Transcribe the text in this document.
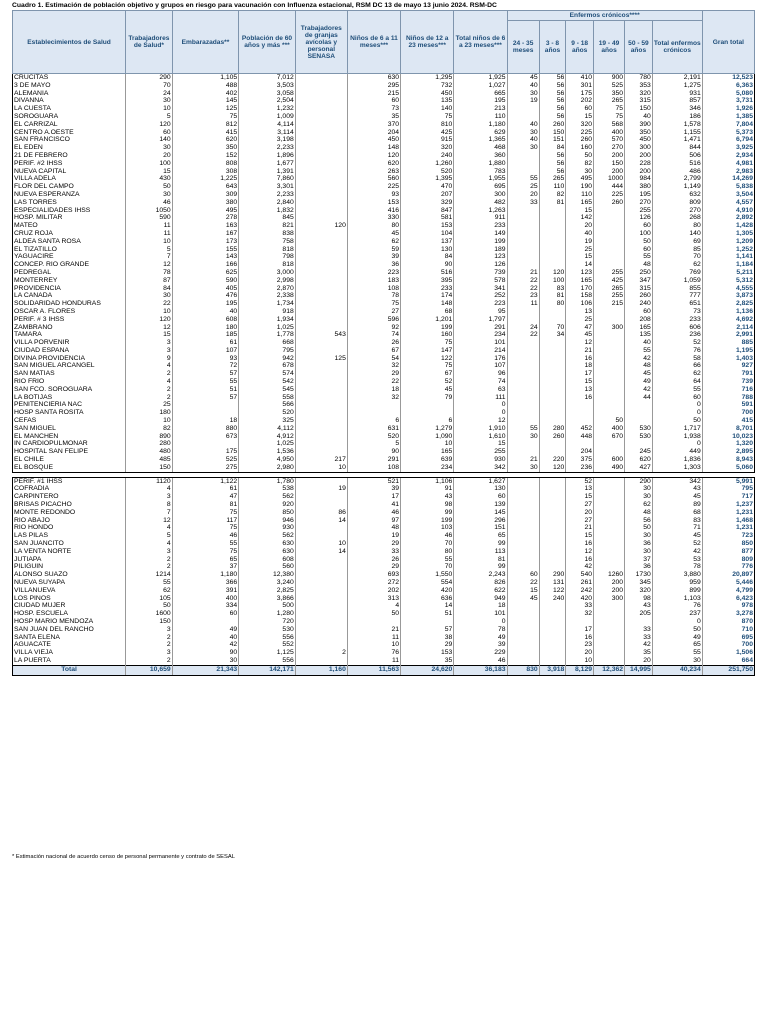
Cuadro 1. Estimación de población objetivo y grupos en riesgo para vacunación con Influenza estacional, RSM DC 13 de mayo 13 junio 2024. RSM-DC
Establecimientos de Salud	Trabajadores de Salud*	Embarazadas**	Población de 60 años y más ***	Trabajadores de granjas avícolas y personal SENASA	Niños de 6 a 11 meses***	Niños de 12 a 23 meses***	Total niños de 6 a 23 meses***	Enfermos crónicos****						Gran total
								24 - 35 meses	3 - 8 años	9 - 18 años	19 - 49 años	50 - 59 años	Total enfermos crónicos	
CRUCITAS	290	1,105	7,012		630	1,295	1,925	45	56	410	900	780	2,191	12,523
3 DE MAYO	70	488	3,503		295	732	1,027	40	56	301	525	353	1,275	6,363
ALEMANIA	24	402	3,058		215	450	665	30	56	175	350	320	931	5,080
DIVANNA	30	145	2,504		60	135	195	19	56	202	265	315	857	3,731
LA CUESTA	10	125	1,232		73	140	213		56	60	75	150	346	1,926
SOROGUARA	5	75	1,009		35	75	110		56	15	75	40	186	1,385
EL CARRIZAL	120	812	4,114		370	810	1,180	40	260	320	568	390	1,578	7,804
CENTRO A.OESTE	60	415	3,114		204	425	629	30	150	225	400	350	1,155	5,373
SAN FRANCISCO	140	620	3,198		450	915	1,365	40	151	260	570	450	1,471	6,794
EL EDEN	30	350	2,233		148	320	468	30	84	160	270	300	844	3,925
21 DE FEBRERO	20	152	1,896		120	240	360		56	50	200	200	506	2,934
PERIF. #2 IHSS	100	808	1,677		620	1,260	1,880		56	82	150	228	516	4,981
NUEVA CAPITAL	15	308	1,391		263	520	783		56	30	200	200	486	2,983
VILLA ADELA	430	1,225	7,860		560	1,395	1,955	55	265	495	1000	984	2,799	14,269
FLOR DEL CAMPO	50	643	3,301		225	470	695	25	110	190	444	380	1,149	5,838
NUEVA ESPERANZA	30	309	2,233		93	207	300	20	82	110	225	195	632	3,504
LAS TORRES	46	380	2,840		153	329	482	33	81	165	260	270	809	4,557
ESPECIALIDADES IHSS	1050	495	1,832		416	847	1,263			15		255	270	4,910
HOSP. MILITAR	590	278	845		330	581	911			142		126	268	2,892
MATEO	11	163	821	120	80	153	233			20		60	80	1,428
CRUZ ROJA	11	167	838		45	104	149			40		100	140	1,305
ALDEA SANTA ROSA	10	173	758		62	137	199			19		50	69	1,209
EL TIZATILLO	5	155	818		59	130	189			25		60	85	1,252
YAGUACIRE	7	143	798		39	84	123			15		55	70	1,141
CONCEP. RIO GRANDE	12	166	818		36	90	126			14		48	62	1,184
PEDREGAL	78	625	3,000		223	516	739	21	120	123	255	250	769	5,211
MONTERREY	87	590	2,998		183	395	578	22	100	165	425	347	1,059	5,312
PROVIDENCIA	84	405	2,870		108	233	341	22	83	170	265	315	855	4,555
LA CAÑADA	30	476	2,338		78	174	252	23	81	158	255	260	777	3,873
SOLIDARIDAD HONDURAS	22	195	1,734		75	148	223	11	80	106	215	240	651	2,825
OSCAR A. FLORES	10	40	918		27	68	95			13		60	73	1,136
PERIF. # 3 IHSS	120	608	1,934		596	1,201	1,797			25		208	233	4,692
ZAMBRANO	12	180	1,025		92	199	291	24	70	47	300	165	606	2,114
TAMARA	15	185	1,778	543	74	160	234	22	34	45		135	236	2,991
VILLA PORVENIR	3	61	668		26	75	101			12		40	52	885
CIUDAD ESPANA	3	107	795		67	147	214			21		55	76	1,195
DIVINA PROVIDENCIA	9	93	942	125	54	122	176			16		42	58	1,403
SAN MIGUEL ARCANGEL	4	72	678		32	75	107			18		48	66	927
SAN MATIAS	2	57	574		29	67	96			17		45	62	791
RIO FRIO	4	55	542		22	52	74			15		49	64	739
SAN FCO. SOROGUARA	2	51	545		18	45	63			13		42	55	716
LA BOTIJAS	2	57	558		32	79	111			16		44	60	788
PENITENCIERIA NAC	25		566				0						0	591
HOSP SANTA ROSITA	180		520				0						0	700
CEFAS	10	18	325		6	6	12				50		50	415
SAN MIGUEL	82	880	4,112		631	1,279	1,910	55	280	452	400	530	1,717	8,701
EL MANCHEN	890	673	4,912		520	1,090	1,610	30	260	448	670	530	1,938	10,023
IN CARDIOPULMONAR	280		1,025		5	10	15						0	1,320
HOSPITAL SAN FELIPE	480	175	1,536		90	165	255			204		245	449	2,895
EL CHILE	485	525	4,950	217	291	639	930	21	220	375	600	620	1,836	8,943
EL BOSQUE	150	275	2,980	10	108	234	342	30	120	236	490	427	1,303	5,060

PERIF. #1 IHSS	1120	1,122	1,780		521	1,106	1,627			52		290	342	5,991
COFRADIA	4	61	538	19	39	91	130			13		30	43	795
CARPINTERO	3	47	562		17	43	60			15		30	45	717
BRISAS PICACHO	8	81	920		41	98	139			27		62	89	1,237
MONTE REDONDO	7	75	850	86	46	99	145			20		48	68	1,231
RIO ABAJO	12	117	946	14	97	199	296			27		56	83	1,468
RIO HONDO	4	75	930		48	103	151			21		50	71	1,231
LAS PILAS	5	46	562		19	46	65			15		30	45	723
SAN JUANCITO	4	55	630	10	29	70	99			16		36	52	850
LA VENTA NORTE	3	75	630	14	33	80	113			12		30	42	877
JUTIAPA	2	65	608		26	55	81			16		37	53	809
PILIGUIN	2	37	560		29	70	99			42		36	78	776
ALONSO SUAZO	1214	1,180	12,380		693	1,550	2,243	60	290	540	1260	1730	3,880	20,897
NUEVA SUYAPA	55	366	3,240		272	554	826	22	131	261	200	345	959	5,446
VILLANUEVA	62	391	2,825		202	420	622	15	122	242	200	320	899	4,799
LOS PINOS	105	400	3,866		313	636	949	45	240	420	300	98	1,103	6,423
CIUDAD MUJER	50	334	500		4	14	18			33		43	76	978
HOSP. ESCUELA	1600	60	1,280		50	51	101			32		205	237	3,278
HOSP MARIO MENDOZA	150		720				0						0	870
SAN JUAN DEL RANCHO	3	49	530		21	57	78			17		33	50	710
SANTA ELENA	2	40	556		11	38	49			16		33	49	695
AGUACATE	2	42	552		10	29	39			23		42	65	700
VILLA VIEJA	3	90	1,125	2	76	153	229			20		35	55	1,506
LA PUERTA	2	30	556		11	35	46			10		20	30	664
Total	10,659	21,343	142,171	1,160	11,563	24,620	36,183	830	3,918	8,129	12,362	14,995	40,234	251,750
* Estimación nacional de acuerdo censo de personal permanente y contrato de SESAL
